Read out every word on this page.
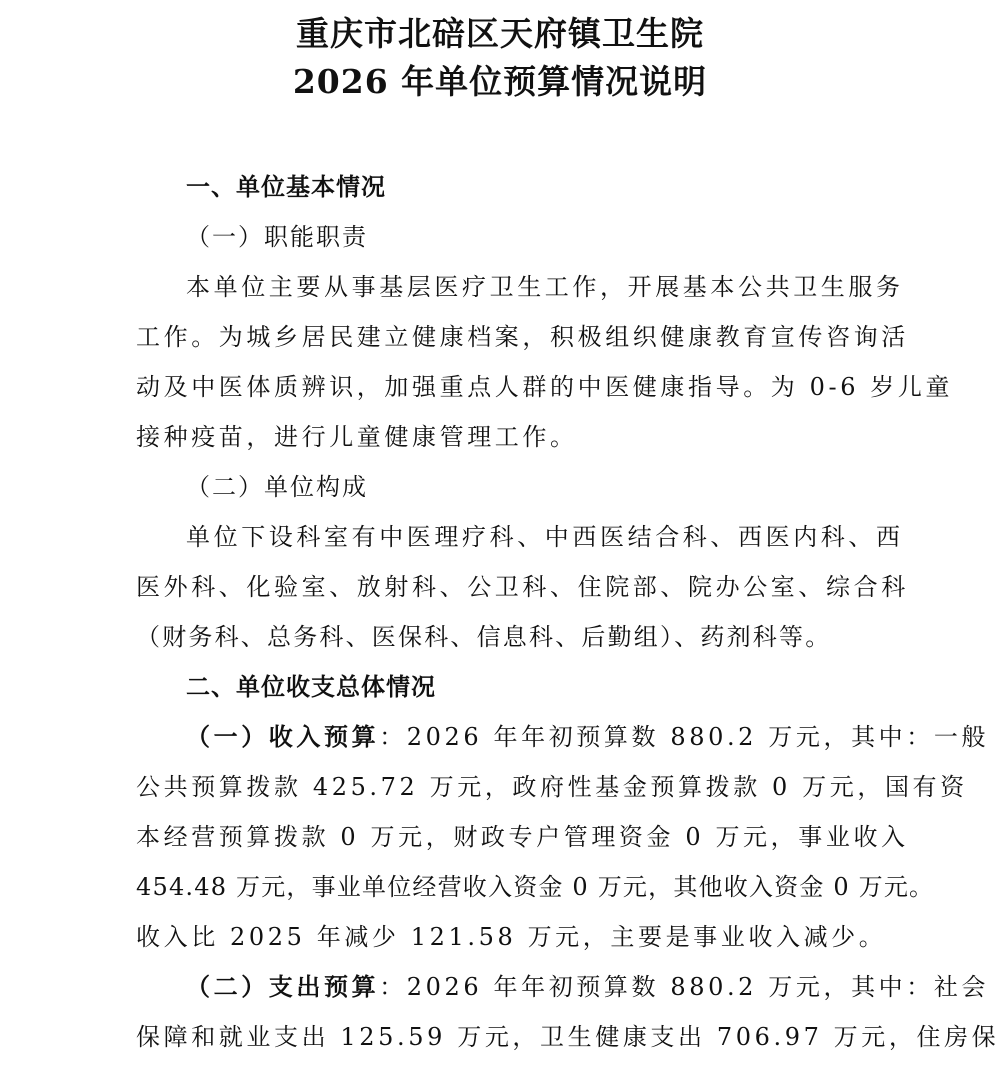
重庆市北碚区天府镇卫生院
2026 年单位预算情况说明
一、单位基本情况
（一）职能职责
本单位主要从事基层医疗卫生工作，开展基本公共卫生服务
工作。为城乡居民建立健康档案，积极组织健康教育宣传咨询活
动及中医体质辨识，加强重点人群的中医健康指导。为 0-6 岁儿童
接种疫苗，进行儿童健康管理工作。
（二）单位构成
单位下设科室有中医理疗科、中西医结合科、西医内科、西
医外科、化验室、放射科、公卫科、住院部、院办公室、综合科
（财务科、总务科、医保科、信息科、后勤组）、药剂科等。
二、单位收支总体情况
（一）收入预算：2026 年年初预算数 880.2 万元，其中：一般
公共预算拨款 425.72 万元，政府性基金预算拨款 0 万元，国有资
本经营预算拨款 0 万元，财政专户管理资金 0 万元，事业收入
454.48 万元，事业单位经营收入资金 0 万元，其他收入资金 0 万元。
收入比 2025 年减少 121.58 万元，主要是事业收入减少。
（二）支出预算：2026 年年初预算数 880.2 万元，其中：社会
保障和就业支出 125.59 万元，卫生健康支出 706.97 万元，住房保
